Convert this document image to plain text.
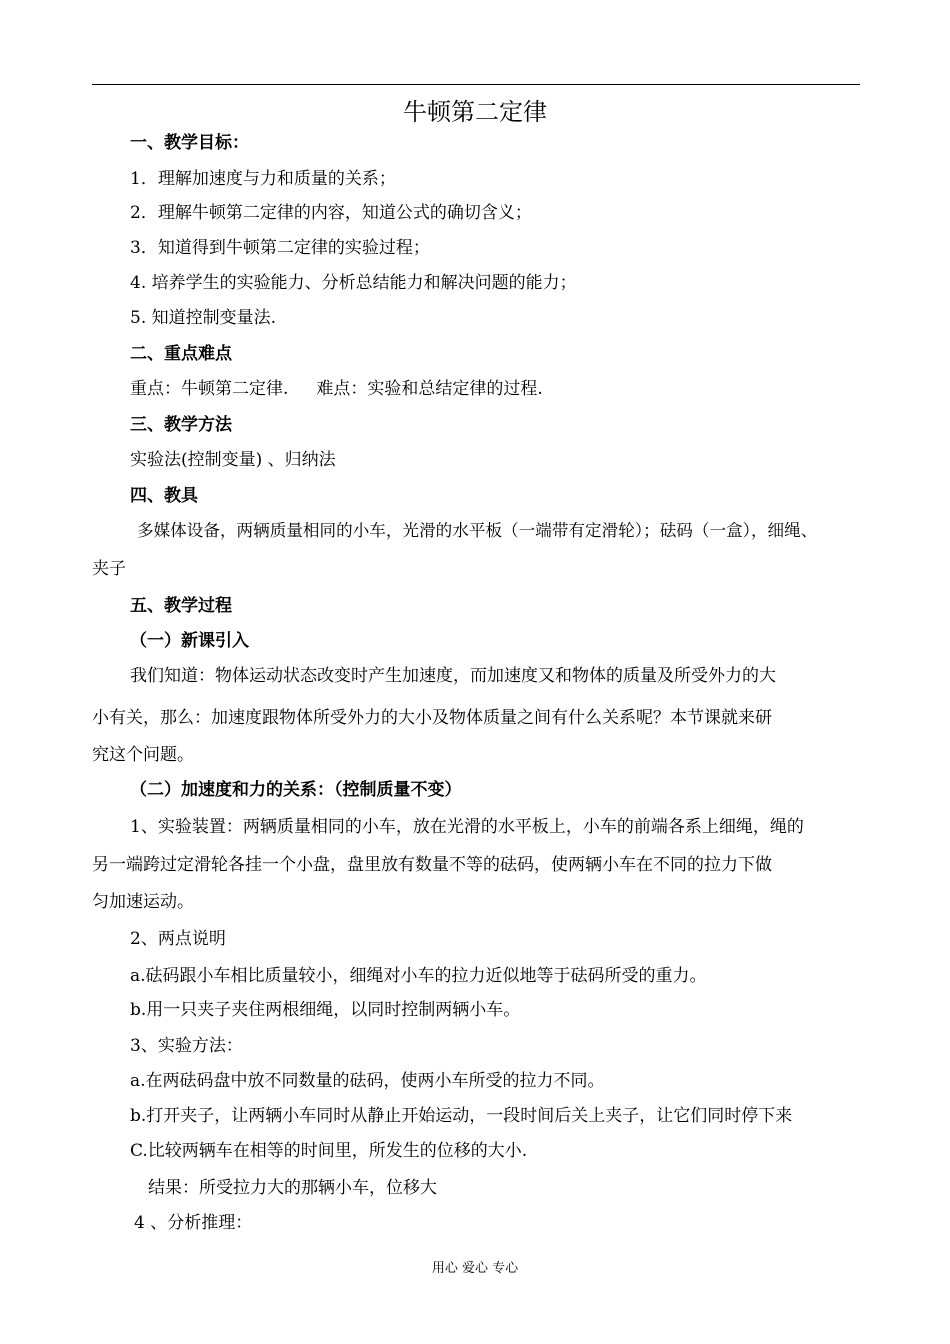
牛顿第二定律
一、教学目标：
1．理解加速度与力和质量的关系；
2．理解牛顿第二定律的内容，知道公式的确切含义；
3．知道得到牛顿第二定律的实验过程；
4. 培养学生的实验能力、分析总结能力和解决问题的能力；
5. 知道控制变量法.
二、重点难点
重点：牛顿第二定律. 难点：实验和总结定律的过程.
三、教学方法
实验法(控制变量) 、归纳法
四、教具
多媒体设备，两辆质量相同的小车，光滑的水平板（一端带有定滑轮）；砝码（一盒），细绳、
夹子
五、教学过程
（一）新课引入
我们知道：物体运动状态改变时产生加速度，而加速度又和物体的质量及所受外力的大
小有关，那么：加速度跟物体所受外力的大小及物体质量之间有什么关系呢？本节课就来研
究这个问题。
（二）加速度和力的关系：（控制质量不变）
1、实验装置：两辆质量相同的小车，放在光滑的水平板上，小车的前端各系上细绳，绳的
另一端跨过定滑轮各挂一个小盘，盘里放有数量不等的砝码，使两辆小车在不同的拉力下做
匀加速运动。
2、两点说明
a.砝码跟小车相比质量较小，细绳对小车的拉力近似地等于砝码所受的重力。
b.用一只夹子夹住两根细绳，以同时控制两辆小车。
3、实验方法：
a.在两砝码盘中放不同数量的砝码，使两小车所受的拉力不同。
b.打开夹子，让两辆小车同时从静止开始运动，一段时间后关上夹子，让它们同时停下来
C.比较两辆车在相等的时间里，所发生的位移的大小.
结果：所受拉力大的那辆小车，位移大
4 、分析推理：
用心 爱心 专心
